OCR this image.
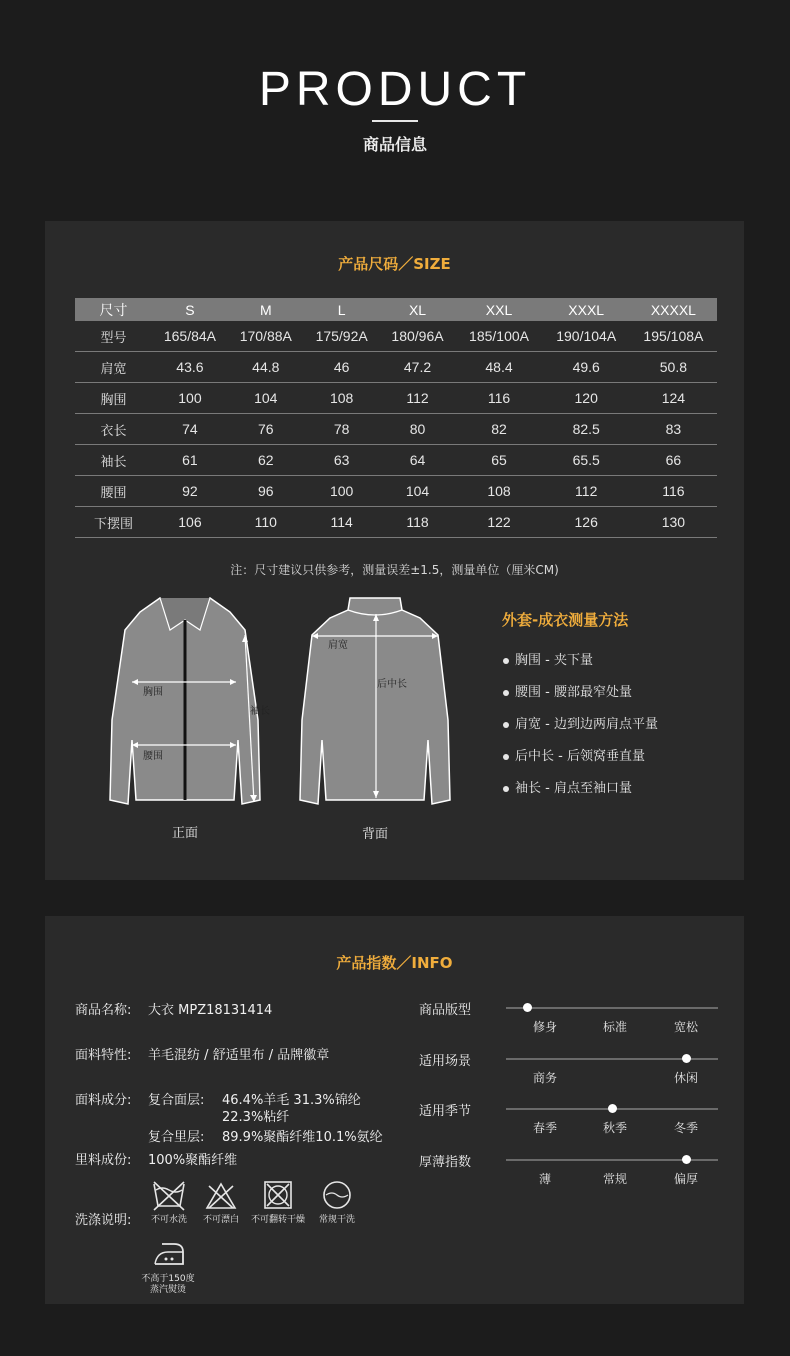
PRODUCT
商品信息
产品尺码／SIZE
尺寸	S	M	L	XL	XXL	XXXL	XXXXL
型号	165/84A	170/88A	175/92A	180/96A	185/100A	190/104A	195/108A
肩宽	43.6	44.8	46	47.2	48.4	49.6	50.8
胸围	100	104	108	112	116	120	124
衣长	74	76	78	80	82	82.5	83
袖长	61	62	63	64	65	65.5	66
腰围	92	96	100	104	108	112	116
下摆围	106	110	114	118	122	126	130
注：尺寸建议只供参考，测量误差±1.5，测量单位（厘米CM)
胸围
腰围
袖长
正面
肩宽
后中长
背面
外套-成衣测量方法
胸围 - 夹下量
腰围 - 腰部最窄处量
肩宽 - 边到边两肩点平量
后中长 - 后领窝垂直量
袖长 - 肩点至袖口量
产品指数／INFO
商品名称: 大衣 MPZ18131414
面料特性: 羊毛混纺 / 舒适里布 / 品牌徽章
面料成分: 复合面层: 46.4%羊毛 31.3%锦纶
22.3%粘纤
复合里层: 89.9%聚酯纤维10.1%氨纶
里料成份: 100%聚酯纤维
洗涤说明:	不可水洗	不可漂白	不可翻转干燥	常规干洗
不高于150度
蒸汽熨烫
商品版型
修身	标准	宽松
适用场景
商务	休闲
适用季节
春季	秋季	冬季
厚薄指数
薄	常规	偏厚
